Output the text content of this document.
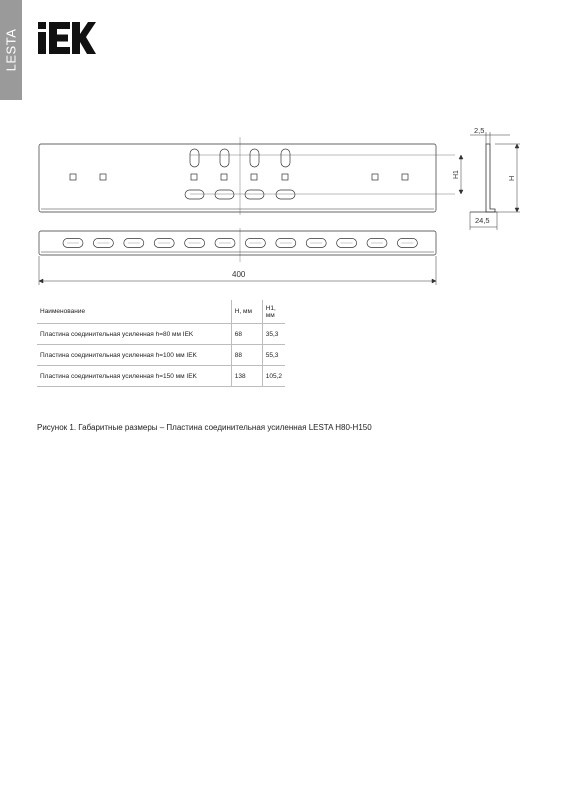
LESTA
H1
2,5
H
24,5
400
Наименование	H, мм	H1, мм
Пластина соединительная усиленная h=80 мм IEK	68	35,3
Пластина соединительная усиленная h=100 мм IEK	88	55,3
Пластина соединительная усиленная h=150 мм IEK	138	105,2
Рисунок 1. Габаритные размеры – Пластина соединительная усиленная LESTA H80-H150
